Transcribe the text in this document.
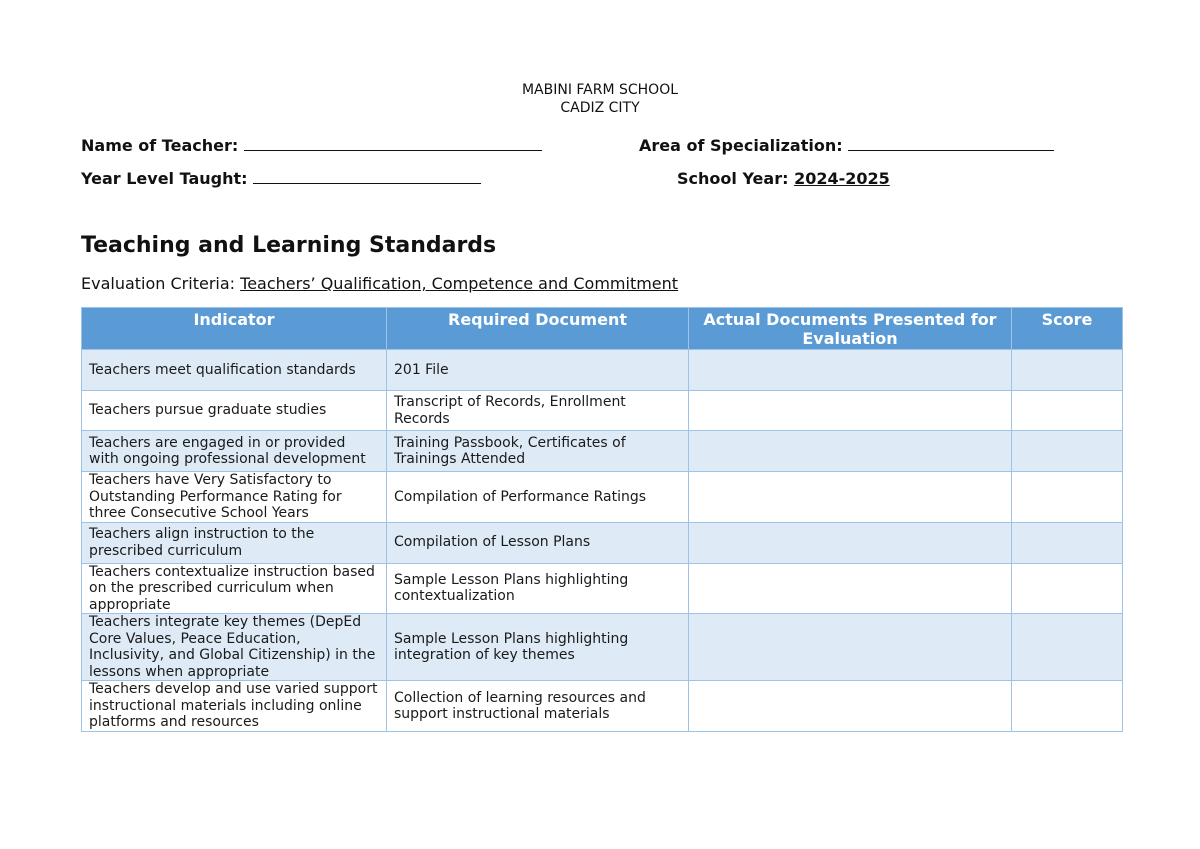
MABINI FARM SCHOOL
CADIZ CITY
Name of Teacher:	Area of Specialization:
Year Level Taught:	School Year: 2024-2025
Teaching and Learning Standards
Evaluation Criteria: Teachers’ Qualification, Competence and Commitment
Indicator	Required Document	Actual Documents Presented for Evaluation	Score
Teachers meet qualification standards	201 File		
Teachers pursue graduate studies	Transcript of Records, Enrollment Records		
Teachers are engaged in or provided with ongoing professional development	Training Passbook, Certificates of Trainings Attended		
Teachers have Very Satisfactory to Outstanding Performance Rating for three Consecutive School Years	Compilation of Performance Ratings		
Teachers align instruction to the prescribed curriculum	Compilation of Lesson Plans		
Teachers contextualize instruction based on the prescribed curriculum when appropriate	Sample Lesson Plans highlighting contextualization		
Teachers integrate key themes (DepEd Core Values, Peace Education, Inclusivity, and Global Citizenship) in the lessons when appropriate	Sample Lesson Plans highlighting integration of key themes		
Teachers develop and use varied support instructional materials including online platforms and resources	Collection of learning resources and support instructional materials		
